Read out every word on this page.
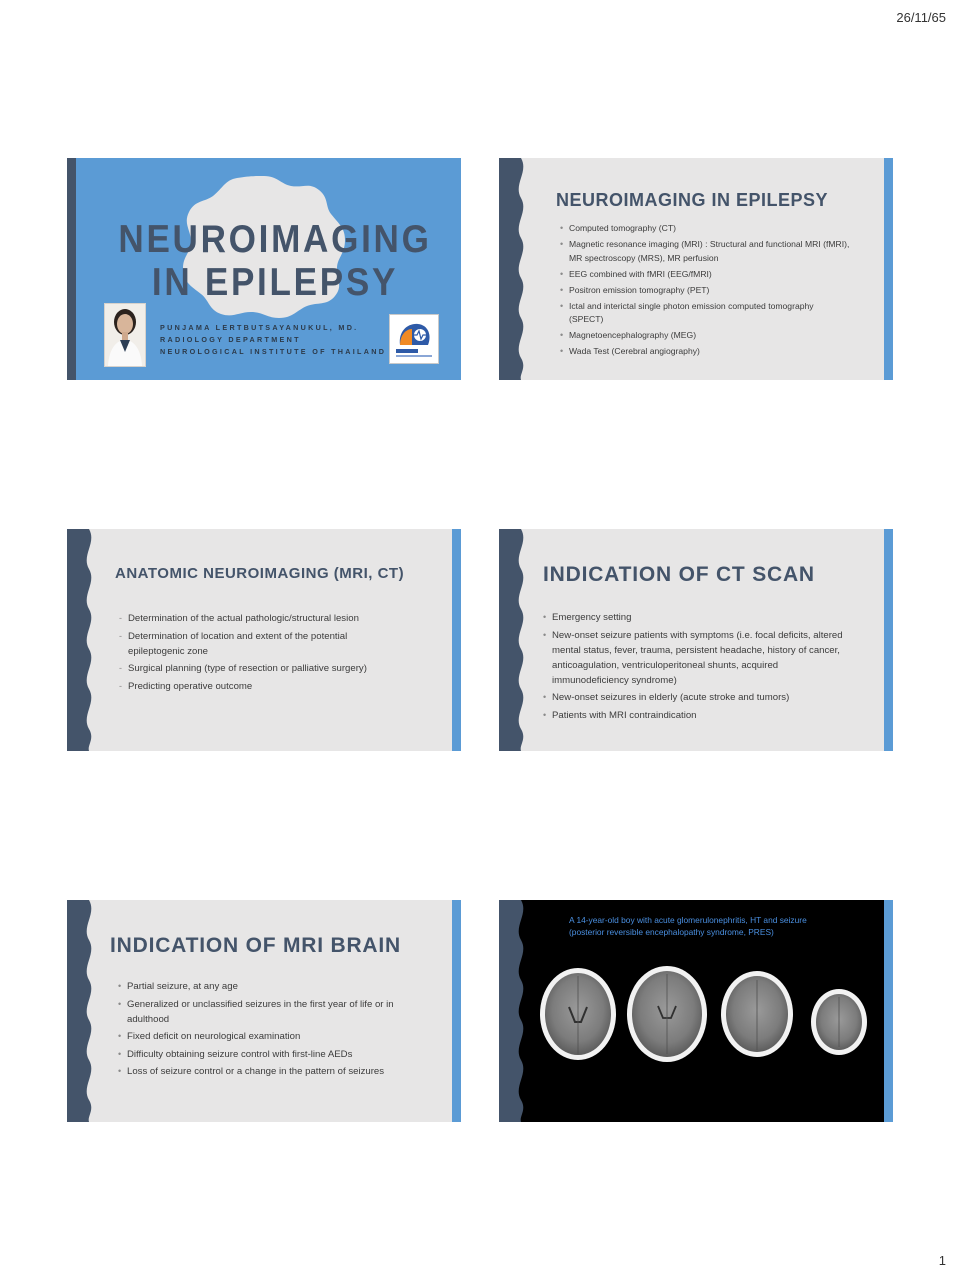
26/11/65
NEUROIMAGING
IN EPILEPSY
PUNJAMA LERTBUTSAYANUKUL, MD.
RADIOLOGY DEPARTMENT
NEUROLOGICAL INSTITUTE OF THAILAND
NEUROIMAGING IN EPILEPSY
• Computed tomography (CT)
• Magnetic resonance imaging (MRI) : Structural and functional MRI (fMRI), MR spectroscopy (MRS), MR perfusion
• EEG combined with fMRI (EEG/fMRI)
• Positron emission tomography (PET)
• Ictal and interictal single photon emission computed tomography (SPECT)
• Magnetoencephalography (MEG)
• Wada Test (Cerebral angiography)
ANATOMIC NEUROIMAGING (MRI, CT)
- Determination of the actual pathologic/structural lesion
- Determination of location and extent of the potential epileptogenic zone
- Surgical planning (type of resection or palliative surgery)
- Predicting operative outcome
INDICATION OF CT SCAN
• Emergency setting
• New-onset seizure patients with symptoms (i.e. focal deficits, altered mental status, fever, trauma, persistent headache, history of cancer, anticoagulation, ventriculoperitoneal shunts, acquired immunodeficiency syndrome)
• New-onset seizures in elderly (acute stroke and tumors)
• Patients with MRI contraindication
INDICATION OF MRI BRAIN
• Partial seizure, at any age
• Generalized or unclassified seizures in the first year of life or in adulthood
• Fixed deficit on neurological examination
• Difficulty obtaining seizure control with first-line AEDs
• Loss of seizure control or a change in the pattern of seizures
A 14-year-old boy with acute glomerulonephritis, HT and seizure
(posterior reversible encephalopathy syndrome, PRES)
1
